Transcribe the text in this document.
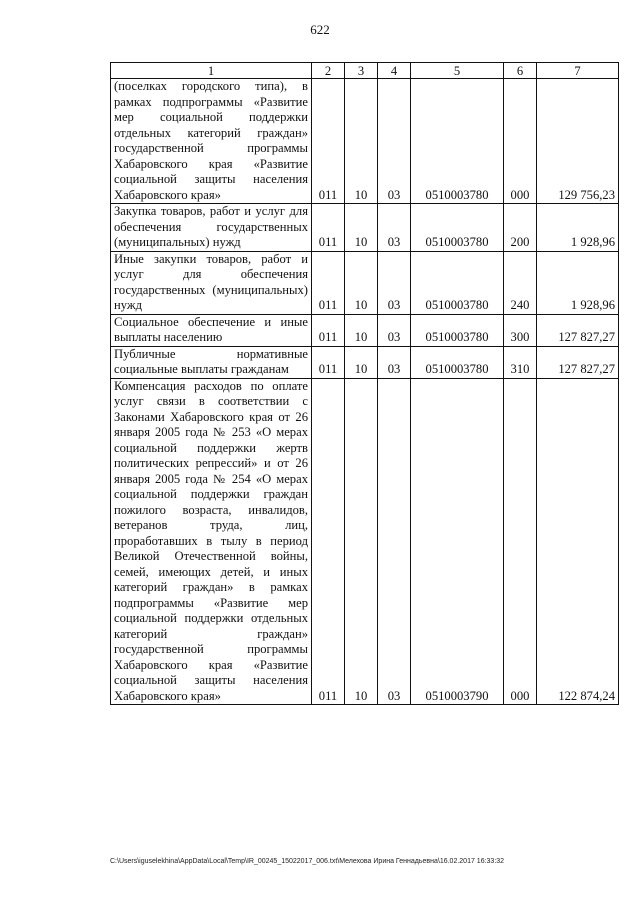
622
1	2	3	4	5	6	7
(поселках городского типа), в рамках подпрограммы «Развитие мер социальной поддержки отдельных категорий граждан» государственной программы Хабаровского края «Развитие социальной защиты населения Хабаровского края»	011	10	03	0510003780	000	129 756,23
Закупка товаров, работ и услуг для обеспечения государственных (муниципальных) нужд	011	10	03	0510003780	200	1 928,96
Иные закупки товаров, работ и услуг для обеспечения государственных (муниципальных) нужд	011	10	03	0510003780	240	1 928,96
Социальное обеспечение и иные выплаты населению	011	10	03	0510003780	300	127 827,27
Публичные нормативные социальные выплаты гражданам	011	10	03	0510003780	310	127 827,27
Компенсация расходов по оплате услуг связи в соответствии с Законами Хабаровского края от 26 января 2005 года № 253 «О мерах социальной поддержки жертв политических репрессий» и от 26 января 2005 года № 254 «О мерах социальной поддержки граждан пожилого возраста, инвалидов, ветеранов труда, лиц, проработавших в тылу в период Великой Отечественной войны, семей, имеющих детей, и иных категорий граждан» в рамках подпрограммы «Развитие мер социальной поддержки отдельных категорий граждан» государственной программы Хабаровского края «Развитие социальной защиты населения Хабаровского края»	011	10	03	0510003790	000	122 874,24
C:\Users\iguselekhina\AppData\Local\Temp\IR_00245_15022017_006.txt\Мелехова Ирина Геннадьевна\16.02.2017 16:33:32
